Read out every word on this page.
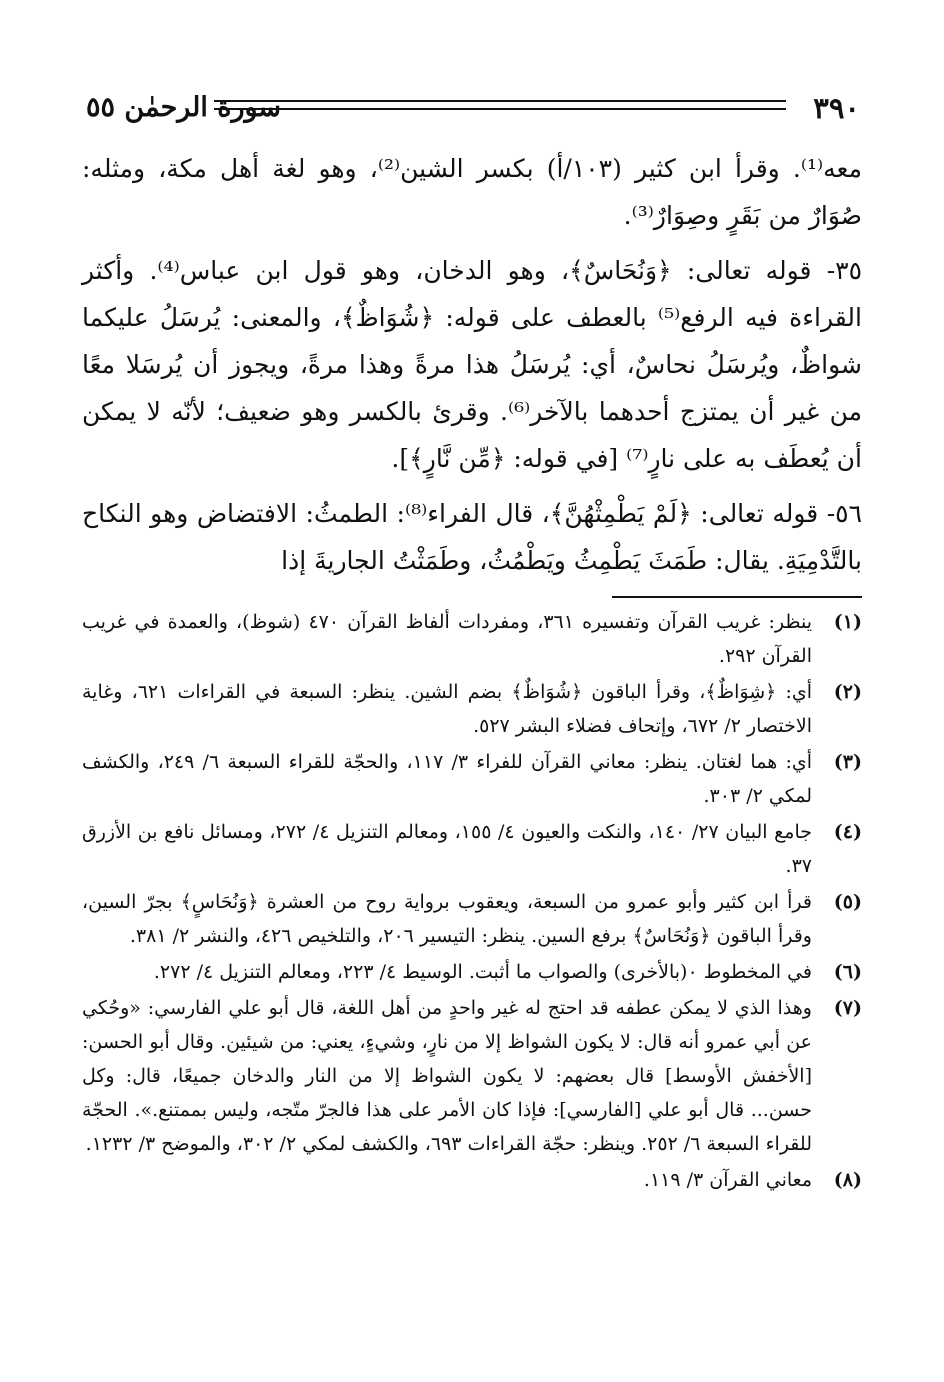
٣٩٠
سورة الرحمٰن ٥٥

معه⁽¹⁾. وقرأ ابن كثير (١٠٣/أ) بكسر الشين⁽²⁾، وهو لغة أهل مكة، ومثله: صُوَارٌ من بَقَرٍ وصِوَارٌ⁽³⁾.

٣٥- قوله تعالى: ﴿وَنُحَاسٌ﴾، وهو الدخان، وهو قول ابن عباس⁽⁴⁾. وأكثر القراءة فيه الرفع⁽⁵⁾ بالعطف على قوله: ﴿شُوَاظٌ﴾، والمعنى: يُرسَلُ عليكما شواظٌ، ويُرسَلُ نحاسٌ، أي: يُرسَلُ هذا مرةً وهذا مرةً، ويجوز أن يُرسَلا معًا من غير أن يمتزج أحدهما بالآخر⁽⁶⁾. وقرئ بالكسر وهو ضعيف؛ لأنّه لا يمكن أن يُعطَف به على نارٍ⁽⁷⁾ [في قوله: ﴿مِّن نَّارٍ﴾].

٥٦- قوله تعالى: ﴿لَمْ يَطْمِثْهُنَّ﴾، قال الفراء⁽⁸⁾: الطمثُ: الافتضاض وهو النكاح بالتَّدْمِيَةِ. يقال: طَمَثَ يَطْمِثُ ويَطْمُثُ، وطَمَثْتُ الجاريةَ إذا

(١)
ينظر: غريب القرآن وتفسيره ٣٦١، ومفردات ألفاظ القرآن ٤٧٠ (شوظ)، والعمدة في غريب القرآن ٢٩٢.
(٢)
أي: ﴿شِوَاظٌ﴾، وقرأ الباقون ﴿شُوَاظٌ﴾ بضم الشين. ينظر: السبعة في القراءات ٦٢١، وغاية الاختصار ٢/ ٦٧٢، وإتحاف فضلاء البشر ٥٢٧.
(٣)
أي: هما لغتان. ينظر: معاني القرآن للفراء ٣/ ١١٧، والحجّة للقراء السبعة ٦/ ٢٤٩، والكشف لمكي ٢/ ٣٠٣.
(٤)
جامع البيان ٢٧/ ١٤٠، والنكت والعيون ٤/ ١٥٥، ومعالم التنزيل ٤/ ٢٧٢، ومسائل نافع بن الأزرق ٣٧.
(٥)
قرأ ابن كثير وأبو عمرو من السبعة، ويعقوب برواية روح من العشرة ﴿وَنُحَاسٍ﴾ بجرّ السين، وقرأ الباقون ﴿وَنُحَاسٌ﴾ برفع السين. ينظر: التيسير ٢٠٦، والتلخيص ٤٢٦، والنشر ٢/ ٣٨١.
(٦)
في المخطوط ٠(بالأخرى) والصواب ما أثبت. الوسيط ٤/ ٢٢٣، ومعالم التنزيل ٤/ ٢٧٢.
(٧)
وهذا الذي لا يمكن عطفه قد احتج له غير واحدٍ من أهل اللغة، قال أبو علي الفارسي: «وحُكي عن أبي عمرو أنه قال: لا يكون الشواظ إلا من نارٍ، وشيءٍ، يعني: من شيئين. وقال أبو الحسن:[الأخفش الأوسط] قال بعضهم: لا يكون الشواظ إلا من النار والدخان جميعًا، قال: وكل حسن... قال أبو علي [الفارسي]: فإذا كان الأمر على هذا فالجرّ متّجه، وليس بممتنع.». الحجّة للقراء السبعة ٦/ ٢٥٢. وينظر: حجّة القراءات ٦٩٣، والكشف لمكي ٢/ ٣٠٢، والموضح ٣/ ١٢٣٢.
(٨)
معاني القرآن ٣/ ١١٩.
